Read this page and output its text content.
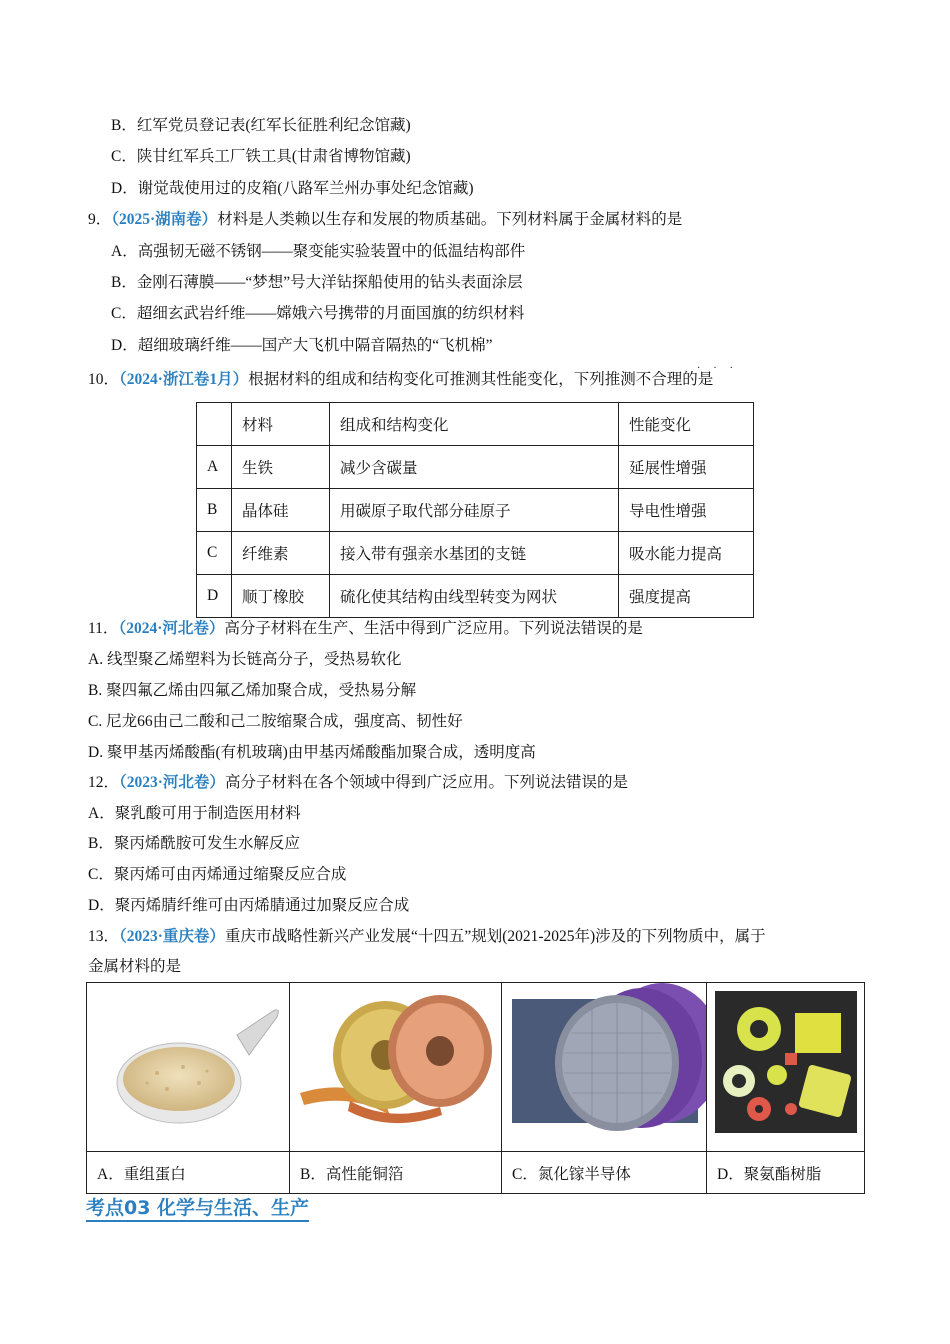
B．红军党员登记表(红军长征胜利纪念馆藏)
C．陕甘红军兵工厂铁工具(甘肃省博物馆藏)
D．谢觉哉使用过的皮箱(八路军兰州办事处纪念馆藏)
9．（2025·湖南卷）材料是人类赖以生存和发展的物质基础。下列材料属于金属材料的是
A．高强韧无磁不锈钢——聚变能实验装置中的低温结构部件
B．金刚石薄膜——“梦想”号大洋钻探船使用的钻头表面涂层
C．超细玄武岩纤维——嫦娥六号携带的月面国旗的纺织材料
D．超细玻璃纤维——国产大飞机中隔音隔热的“飞机棉”
···
10．（2024·浙江卷1月）根据材料的组成和结构变化可推测其性能变化，下列推测不合理的是
	材料	组成和结构变化	性能变化
A	生铁	减少含碳量	延展性增强
B	晶体硅	用碳原子取代部分硅原子	导电性增强
C	纤维素	接入带有强亲水基团的支链	吸水能力提高
D	顺丁橡胶	硫化使其结构由线型转变为网状	强度提高
11．（2024·河北卷）高分子材料在生产、生活中得到广泛应用。下列说法错误的是
A. 线型聚乙烯塑料为长链高分子，受热易软化
B. 聚四氟乙烯由四氟乙烯加聚合成，受热易分解
C. 尼龙66由己二酸和己二胺缩聚合成，强度高、韧性好
D. 聚甲基丙烯酸酯(有机玻璃)由甲基丙烯酸酯加聚合成，透明度高
12．（2023·河北卷）高分子材料在各个领域中得到广泛应用。下列说法错误的是
A．聚乳酸可用于制造医用材料
B．聚丙烯酰胺可发生水解反应
C．聚丙烯可由丙烯通过缩聚反应合成
D．聚丙烯腈纤维可由丙烯腈通过加聚反应合成
13．（2023·重庆卷）重庆市战略性新兴产业发展“十四五”规划(2021-2025年)涉及的下列物质中，属于
金属材料的是

A．重组蛋白	B．高性能铜箔	C．氮化镓半导体	D．聚氨酯树脂
考点03 化学与生活、生产
